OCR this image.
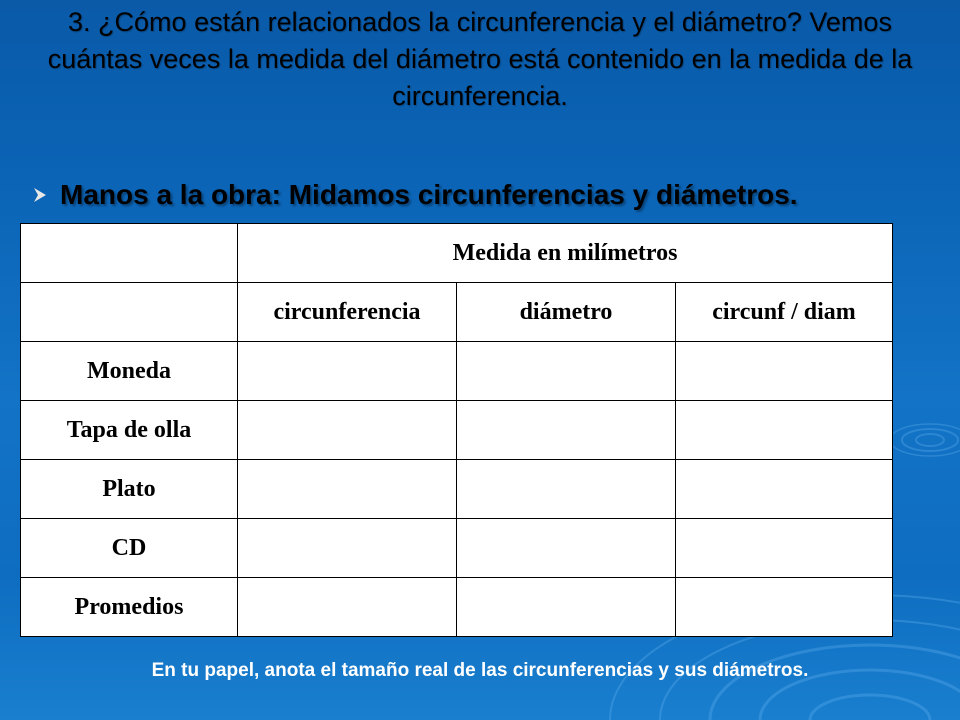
3. ¿Cómo están relacionados la circunferencia y el diámetro? Vemos cuántas veces la medida del diámetro está contenido en la medida de la circunferencia.
Manos a la obra: Midamos circunferencias y diámetros.
	Medida en milímetros		
	circunferencia	diámetro	circunf / diam
Moneda			
Tapa de olla			
Plato			
CD			
Promedios			
En tu papel, anota el tamaño real de las circunferencias y sus diámetros.
